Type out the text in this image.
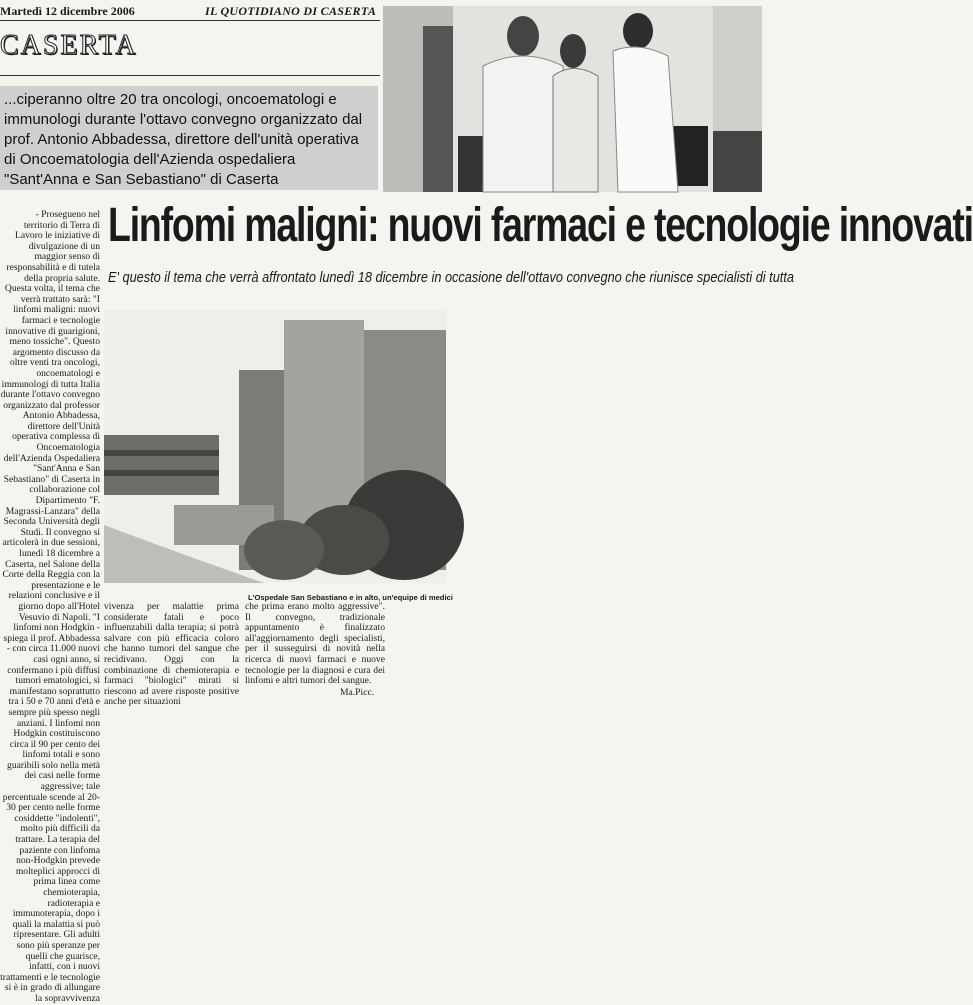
Martedì 12 dicembre 2006	IL QUOTIDIANO DI CASERTA
CASERTA

...ciperanno oltre 20 tra oncologi, oncoematologi e immunologi durante l'ottavo convegno organizzato dal prof. Antonio Abbadessa, direttore dell'unità operativa di Oncoematologia dell'Azienda ospedaliera "Sant'Anna e San Sebastiano" di Caserta

Linfomi maligni: nuovi farmaci e tecnologie innovati
E' questo il tema che verrà affrontato lunedì 18 dicembre in occasione dell'ottavo convegno che riunisce specialisti di tutta

- Prosegueno nel territorio di Terra di Lavoro le iniziative di divulgazione di un maggior senso di responsabilità e di tutela della propria salute. Questa volta, il tema che verrà trattato sarà: "I linfomi maligni: nuovi farmaci e tecnologie innovative di guarigioni, meno tossiche". Questo argomento discusso da oltre venti tra oncologi, oncoematologi e immunologi di tutta Italia durante l'ottavo convegno organizzato dal professor Antonio Abbadessa, direttore dell'Unità operativa complessa di Oncoematologia dell'Azienda Ospedaliera "Sant'Anna e San Sebastiano" di Caserta in collaborazione col Dipartimento "F. Magrassi-Lanzara" della Seconda Università degli Studi. Il convegno si articolerà in due sessioni, lunedì 18 dicembre a Caserta, nel Salone della Corte della Reggia con la presentazione e le relazioni conclusive e il giorno dopo all'Hotel Vesuvio di Napoli. "I linfomi non Hodgkin - spiega il prof. Abbadessa - con circa 11.000 nuovi casi ogni anno, si confermano i più diffusi tumori ematologici, si manifestano soprattutto tra i 50 e 70 anni d'età e sempre più spesso negli anziani. I linfomi non Hodgkin costituiscono circa il 90 per cento dei linfomi totali e sono guaribili solo nella metà dei casi nelle forme aggressive; tale percentuale scende al 20-30 per cento nelle forme cosiddette "indolenti", molto più difficili da trattare. La terapia del paziente con linfoma non-Hodgkin prevede molteplici approcci di prima linea come chemioterapia, radioterapia e immunoterapia, dopo i quali la malattia si può ripresentare. Gli adulti sono più speranze per quelli che guarisce, infatti, con i nuovi trattamenti e le tecnologie si è in grado di allungare la sopravvivenza

L'Ospedale San Sebastiano e in alto, un'equipe di medici
vivenza per malattie prima considerate fatali e poco influenzabili dalla terapia; si potrà salvare con più efficacia coloro che hanno tumori del sangue che recidivano. Oggi con la combinazione di chemioterapia e farmaci "biologici" mirati si riescono ad avere risposte positive anche per situazioni
che prima erano molto aggressive". Il convegno, tradizionale appuntamento è finalizzato all'aggiornamento degli specialisti, per il susseguirsi di novità nella ricerca di nuovi farmaci e nuove tecnologie per la diagnosi e cura dei linfomi e altri tumori del sangue.
Ma.Picc.
